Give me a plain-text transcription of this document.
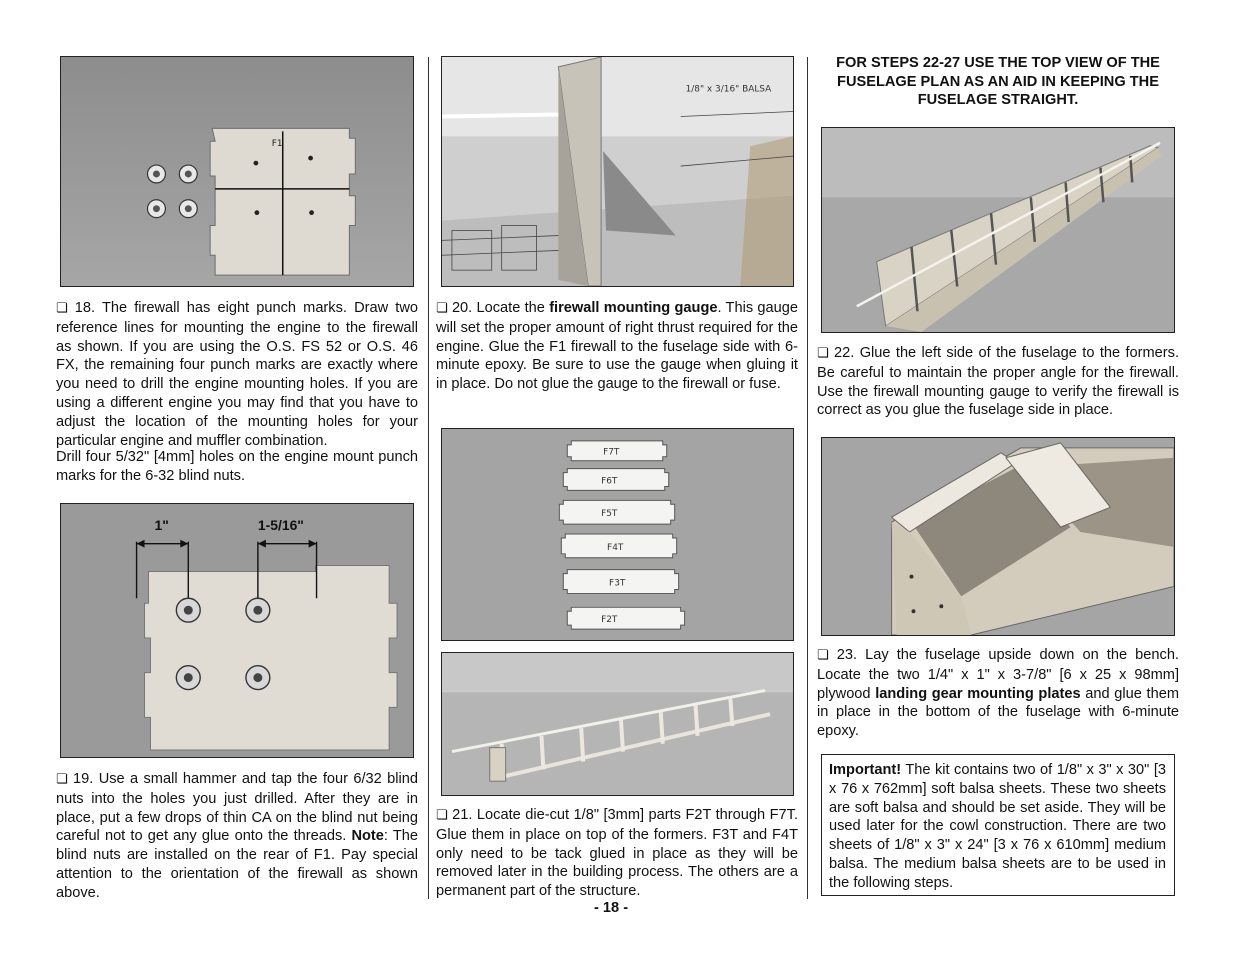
F1
❏ 18. The firewall has eight punch marks. Draw two reference lines for mounting the engine to the firewall as shown. If you are using the O.S. FS 52 or O.S. 46 FX, the remaining four punch marks are exactly where you need to drill the engine mounting holes. If you are using a different engine you may find that you have to adjust the location of the mounting holes for your particular engine and muffler combination.
Drill four 5/32" [4mm] holes on the engine mount punch marks for the 6-32 blind nuts.
1"	1-5/16"
❏ 19. Use a small hammer and tap the four 6/32 blind nuts into the holes you just drilled. After they are in place, put a few drops of thin CA on the blind nut being careful not to get any glue onto the threads. Note: The blind nuts are installed on the rear of F1. Pay special attention to the orientation of the firewall as shown above.
1/8" x 3/16" BALSA
❏ 20. Locate the firewall mounting gauge. This gauge will set the proper amount of right thrust required for the engine. Glue the F1 firewall to the fuselage side with 6-minute epoxy. Be sure to use the gauge when gluing it in place. Do not glue the gauge to the firewall or fuse.
F7T
F6T
F5T
F4T
F3T
F2T
❏ 21. Locate die-cut 1/8" [3mm] parts F2T through F7T. Glue them in place on top of the formers. F3T and F4T only need to be tack glued in place as they will be removed later in the building process. The others are a permanent part of the structure.
FOR STEPS 22-27 USE THE TOP VIEW OF THE
FUSELAGE PLAN AS AN AID IN KEEPING THE
FUSELAGE STRAIGHT.
❏ 22. Glue the left side of the fuselage to the formers. Be careful to maintain the proper angle for the firewall. Use the firewall mounting gauge to verify the firewall is correct as you glue the fuselage side in place.
❏ 23. Lay the fuselage upside down on the bench. Locate the two 1/4" x 1" x 3-7/8" [6 x 25 x 98mm] plywood landing gear mounting plates and glue them in place in the bottom of the fuselage with 6-minute epoxy.
Important! The kit contains two of 1/8" x 3" x 30" [3 x 76 x 762mm] soft balsa sheets. These two sheets are soft balsa and should be set aside. They will be used later for the cowl construction. There are two sheets of 1/8" x 3" x 24" [3 x 76 x 610mm] medium balsa. The medium balsa sheets are to be used in the following steps.
- 18 -
